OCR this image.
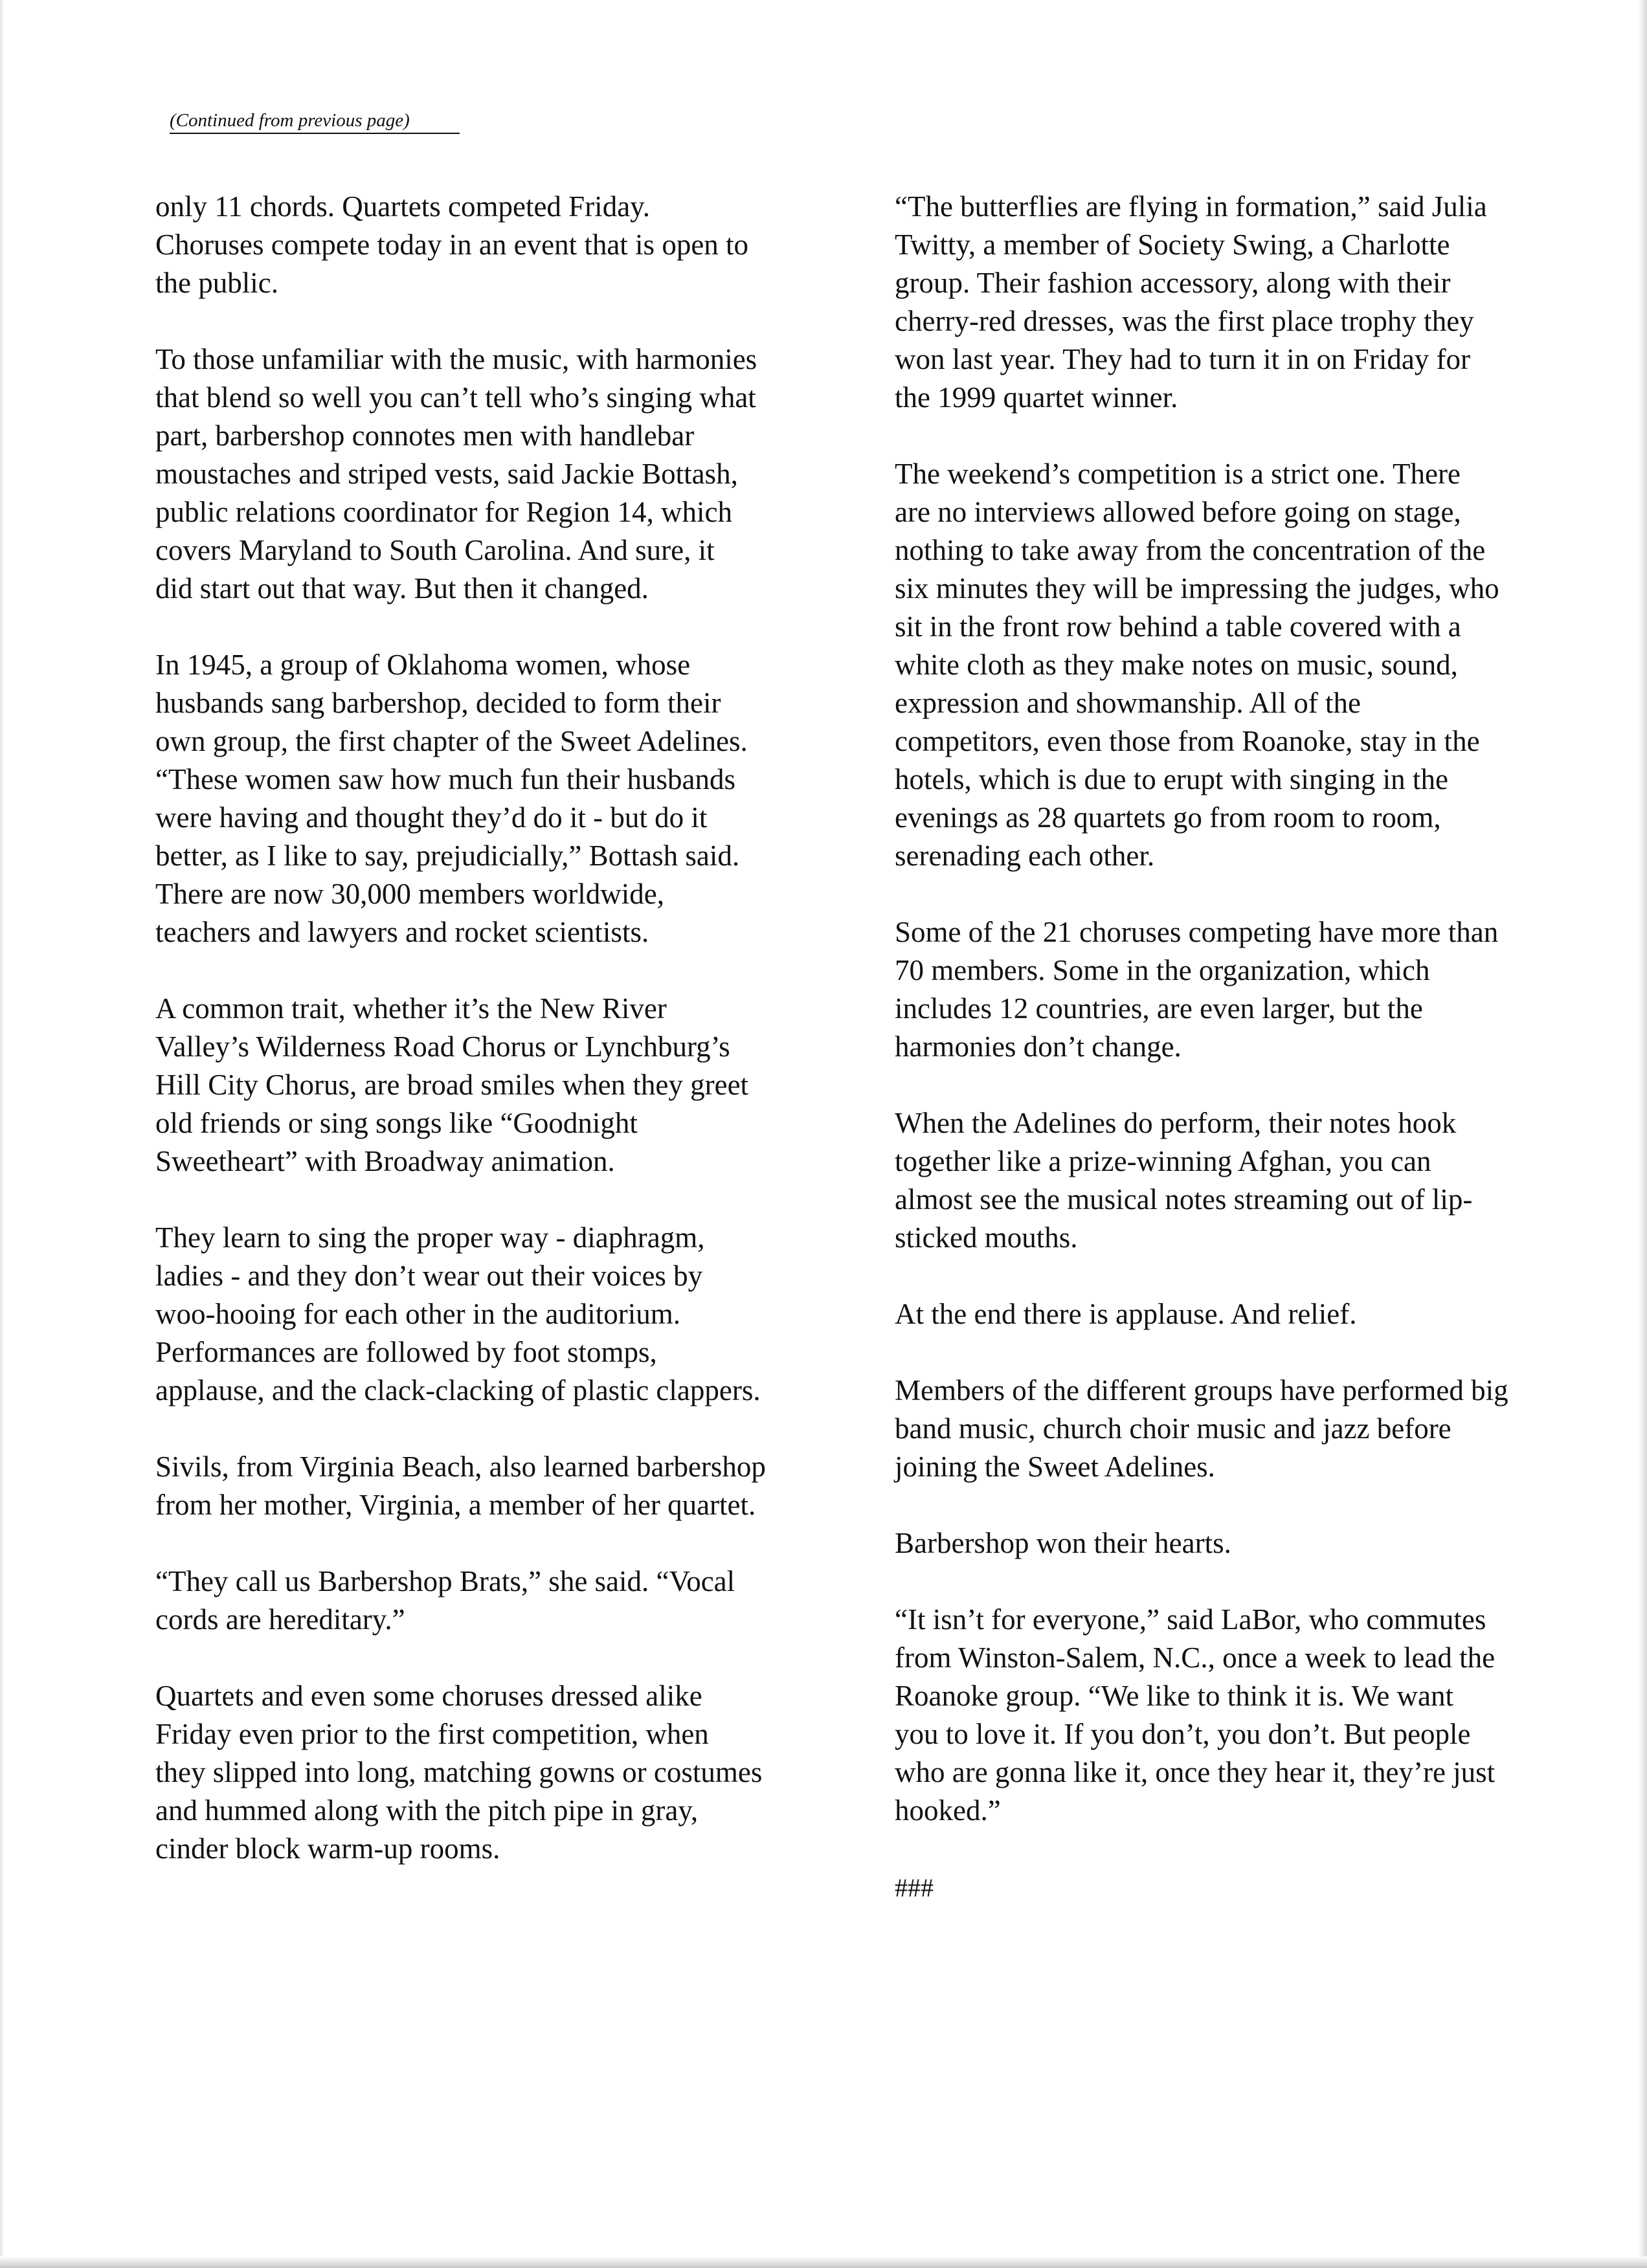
(Continued from previous page)

only 11 chords. Quartets competed Friday.
Choruses compete today in an event that is open to
the public.

To those unfamiliar with the music, with harmonies
that blend so well you can’t tell who’s singing what
part, barbershop connotes men with handlebar
moustaches and striped vests, said Jackie Bottash,
public relations coordinator for Region 14, which
covers Maryland to South Carolina. And sure, it
did start out that way. But then it changed.

In 1945, a group of Oklahoma women, whose
husbands sang barbershop, decided to form their
own group, the first chapter of the Sweet Adelines.
“These women saw how much fun their husbands
were having and thought they’d do it - but do it
better, as I like to say, prejudicially,” Bottash said.
There are now 30,000 members worldwide,
teachers and lawyers and rocket scientists.

A common trait, whether it’s the New River
Valley’s Wilderness Road Chorus or Lynchburg’s
Hill City Chorus, are broad smiles when they greet
old friends or sing songs like “Goodnight
Sweetheart” with Broadway animation.

They learn to sing the proper way - diaphragm,
ladies - and they don’t wear out their voices by
woo-hooing for each other in the auditorium.
Performances are followed by foot stomps,
applause, and the clack-clacking of plastic clappers.

Sivils, from Virginia Beach, also learned barbershop
from her mother, Virginia, a member of her quartet.

“They call us Barbershop Brats,” she said. “Vocal
cords are hereditary.”

Quartets and even some choruses dressed alike
Friday even prior to the first competition, when
they slipped into long, matching gowns or costumes
and hummed along with the pitch pipe in gray,
cinder block warm-up rooms.

“The butterflies are flying in formation,” said Julia
Twitty, a member of Society Swing, a Charlotte
group. Their fashion accessory, along with their
cherry-red dresses, was the first place trophy they
won last year. They had to turn it in on Friday for
the 1999 quartet winner.

The weekend’s competition is a strict one. There
are no interviews allowed before going on stage,
nothing to take away from the concentration of the
six minutes they will be impressing the judges, who
sit in the front row behind a table covered with a
white cloth as they make notes on music, sound,
expression and showmanship. All of the
competitors, even those from Roanoke, stay in the
hotels, which is due to erupt with singing in the
evenings as 28 quartets go from room to room,
serenading each other.

Some of the 21 choruses competing have more than
70 members. Some in the organization, which
includes 12 countries, are even larger, but the
harmonies don’t change.

When the Adelines do perform, their notes hook
together like a prize-winning Afghan, you can
almost see the musical notes streaming out of lip-
sticked mouths.

At the end there is applause. And relief.

Members of the different groups have performed big
band music, church choir music and jazz before
joining the Sweet Adelines.

Barbershop won their hearts.

“It isn’t for everyone,” said LaBor, who commutes
from Winston-Salem, N.C., once a week to lead the
Roanoke group. “We like to think it is. We want
you to love it. If you don’t, you don’t. But people
who are gonna like it, once they hear it, they’re just
hooked.”

###
